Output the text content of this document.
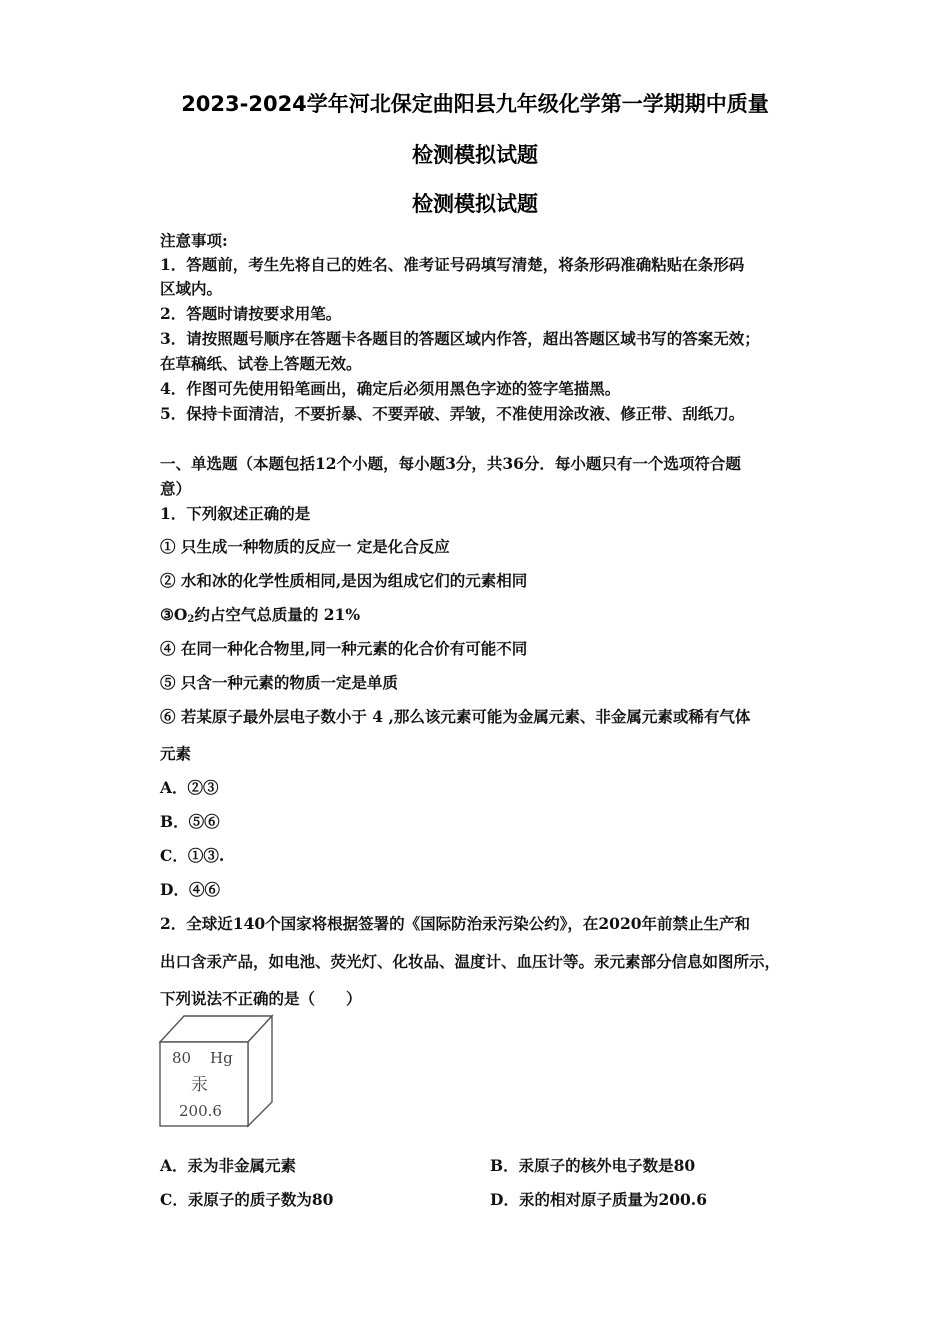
2023-2024学年河北保定曲阳县九年级化学第一学期期中质量
检测模拟试题
检测模拟试题
注意事项:
1．答题前，考生先将自己的姓名、准考证号码填写清楚，将条形码准确粘贴在条形码
区域内。
2．答题时请按要求用笔。
3．请按照题号顺序在答题卡各题目的答题区域内作答，超出答题区域书写的答案无效；
在草稿纸、试卷上答题无效。
4．作图可先使用铅笔画出，确定后必须用黑色字迹的签字笔描黑。
5．保持卡面清洁，不要折暴、不要弄破、弄皱，不准使用涂改液、修正带、刮纸刀。
一、单选题（本题包括12个小题，每小题3分，共36分．每小题只有一个选项符合题
意）
1．下列叙述正确的是
① 只生成一种物质的反应一 定是化合反应
② 水和冰的化学性质相同,是因为组成它们的元素相同
$③O_2$约占空气总质量的 21%
④ 在同一种化合物里,同一种元素的化合价有可能不同
⑤ 只含一种元素的物质一定是单质
⑥ 若某原子最外层电子数小于 4 ,那么该元素可能为金属元素、非金属元素或稀有气体
元素
A．②③
B．⑤⑥
C．①③.
D．④⑥
2．全球近140个国家将根据签署的《国际防治汞污染公约》，在2020年前禁止生产和
出口含汞产品，如电池、荧光灯、化妆品、温度计、血压计等。汞元素部分信息如图所示，
下列说法不正确的是（　　）
80 Hg
汞
200.6
A．汞为非金属元素	B．汞原子的核外电子数是80
C．汞原子的质子数为80	D．汞的相对原子质量为200.6
